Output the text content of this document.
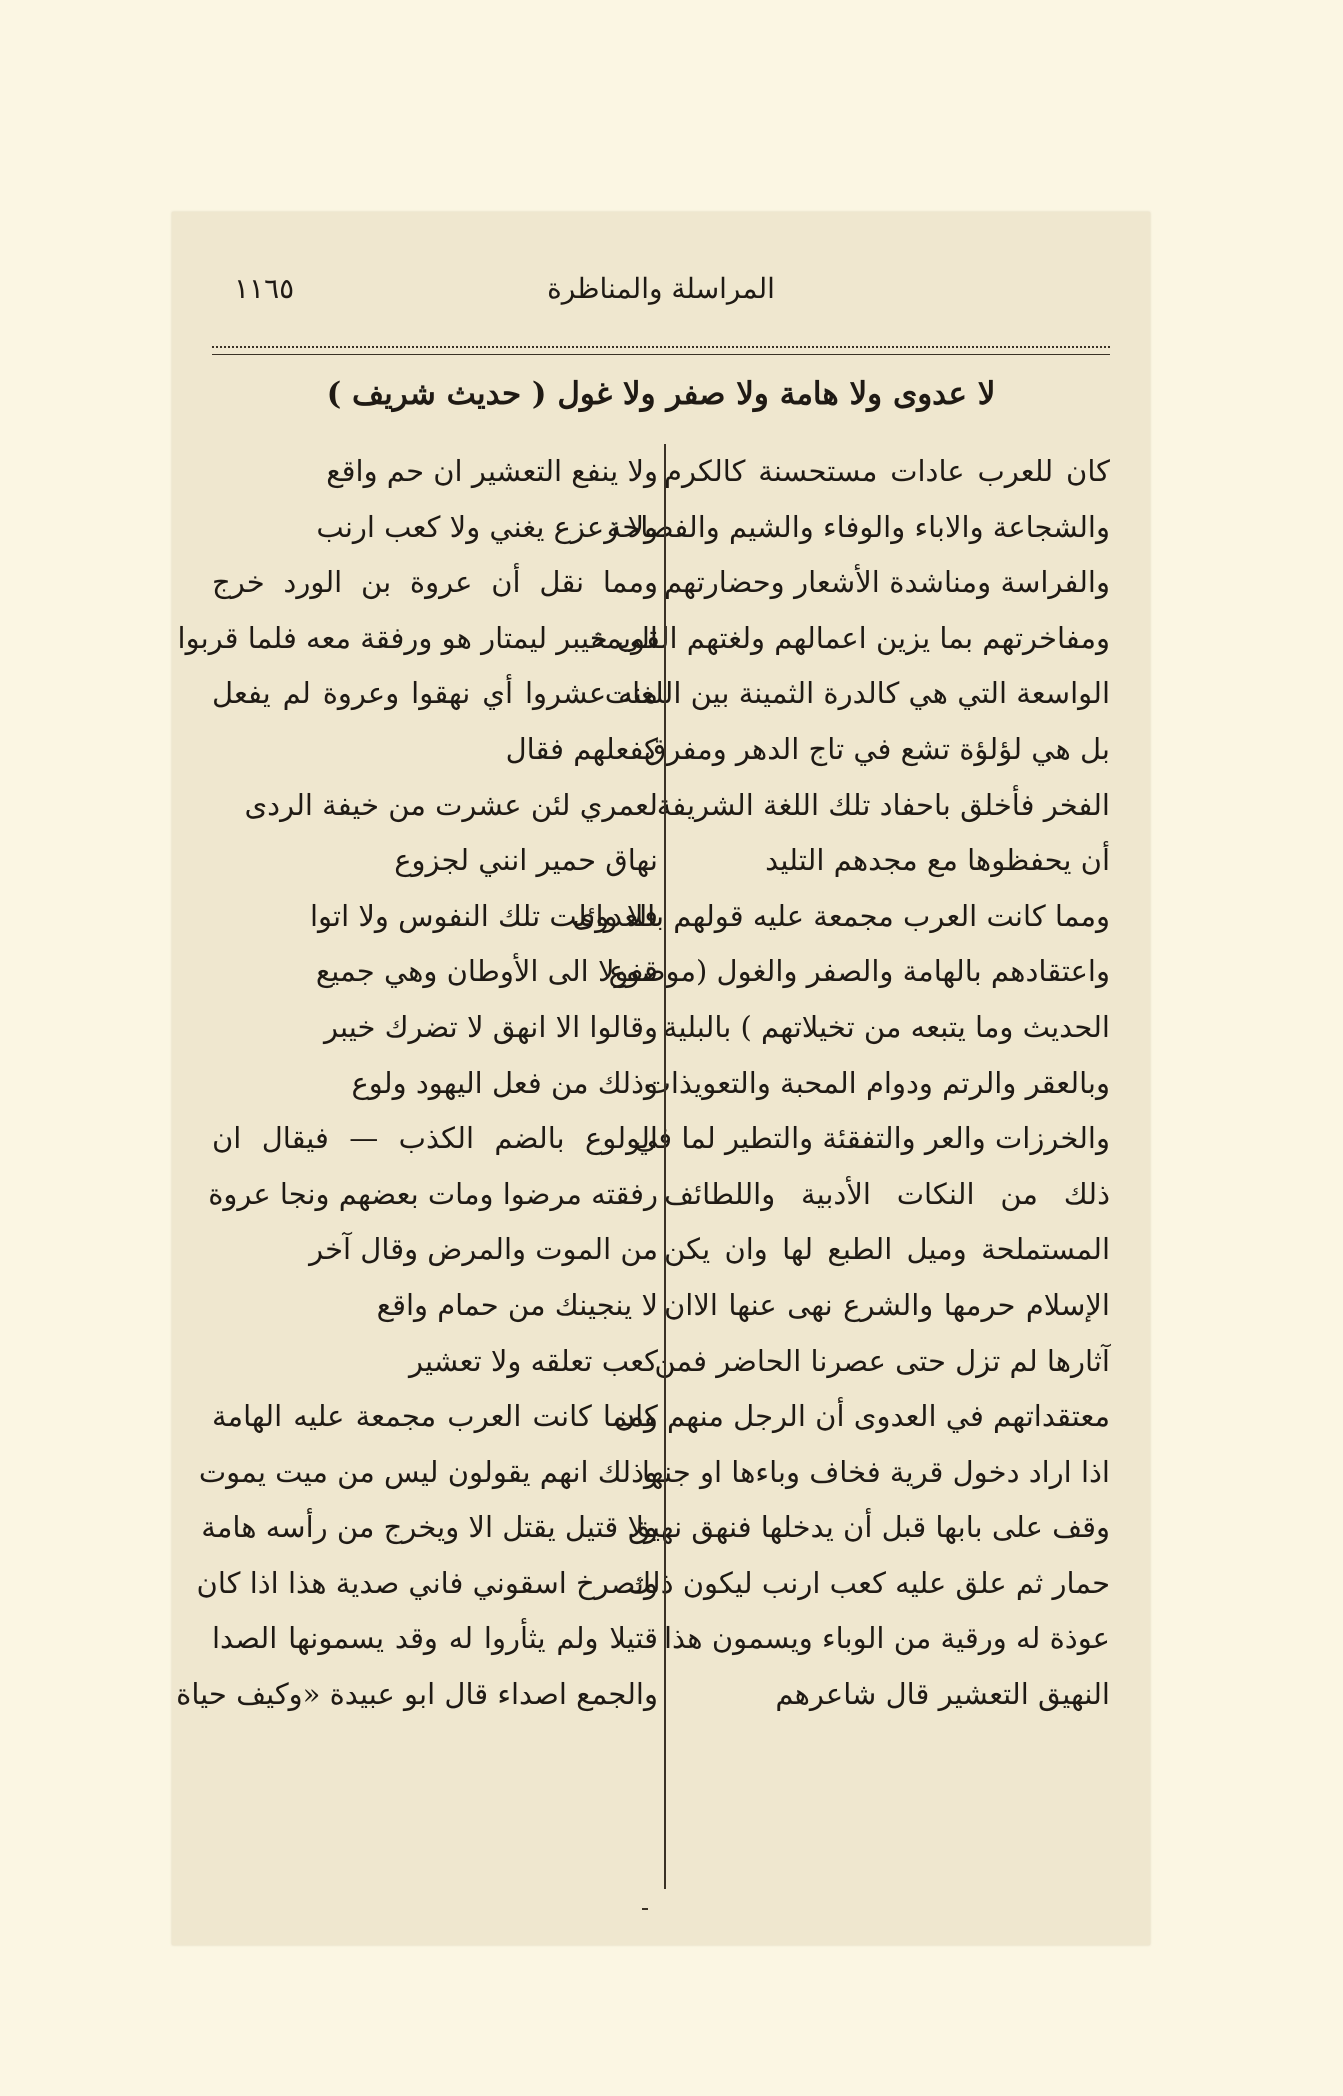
المراسلة والمناظرة
١١٦٥
لا عدوى ولا هامة ولا صفر ولا غول ( حديث شريف )
كان للعرب عادات مستحسنة كالكرم
والشجاعة والاباء والوفاء والشيم والفصاحة
والفراسة ومناشدة الأشعار وحضارتهم
ومفاخرتهم بما يزين اعمالهم ولغتهم القويمة
الواسعة التي هي كالدرة الثمينة بين اللغات
بل هي لؤلؤة تشع في تاج الدهر ومفرق
الفخر فأخلق باحفاد تلك اللغة الشريفة
أن يحفظوها مع مجدهم التليد
ومما كانت العرب مجمعة عليه قولهم بالعدوى
واعتقادهم بالهامة والصفر والغول (موضوع
الحديث وما يتبعه من تخيلاتهم ) بالبلية
وبالعقر والرتم ودوام المحبة والتعويذات
والخرزات والعر والتفقئة والتطير لما في
ذلك من النكات الأدبية واللطائف
المستملحة وميل الطبع لها وان يكن
الإسلام حرمها والشرع نهى عنها الاان
آثارها لم تزل حتى عصرنا الحاضر فمن
معتقداتهم في العدوى أن الرجل منهم كان
اذا اراد دخول قرية فخاف وباءها او جنها
وقف على بابها قبل أن يدخلها فنهق نهيق
حمار ثم علق عليه كعب ارنب ليكون ذلك
عوذة له ورقية من الوباء ويسمون هذا
النهيق التعشير قال شاعرهم
ولا ينفع التعشير ان حم واقع
ولا زعزع يغني ولا كعب ارنب
ومما نقل أن عروة بن الورد خرج
الى خيبر ليمتار هو ورفقة معه فلما قربوا
منه عشروا أي نهقوا وعروة لم يفعل
كفعلهم فقال
لعمري لئن عشرت من خيفة الردى
نهاق حمير انني لجزوع
فلا وائلت تلك النفوس ولا اتوا
قفولا الى الأوطان وهي جميع
وقالوا الا انهق لا تضرك خيبر
وذلك من فعل اليهود ولوع
الولوع بالضم الكذب — فيقال ان
رفقته مرضوا ومات بعضهم ونجا عروة
من الموت والمرض وقال آخر
لا ينجينك من حمام واقع
كعب تعلقه ولا تعشير
ومما كانت العرب مجمعة عليه الهامة
وذلك انهم يقولون ليس من ميت يموت
ولا قتيل يقتل الا ويخرج من رأسه هامة
وتصرخ اسقوني فاني صدية هذا اذا كان
قتيلا ولم يثأروا له وقد يسمونها الصدا
والجمع اصداء قال ابو عبيدة «وكيف حياة
